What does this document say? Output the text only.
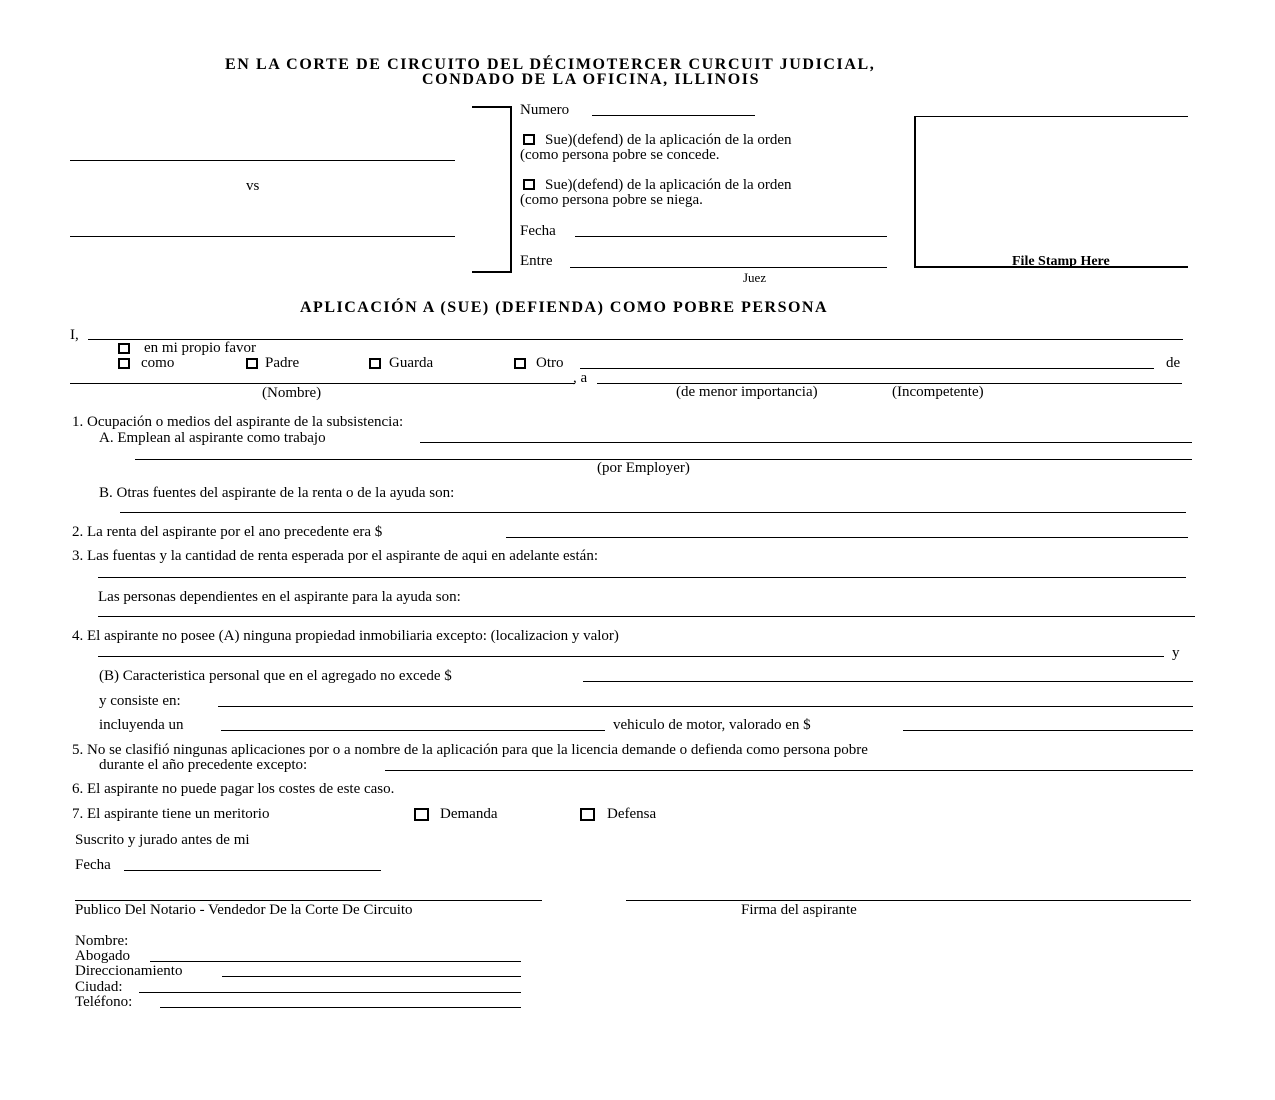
EN LA CORTE DE CIRCUITO DEL DÉCIMOTERCER CURCUIT JUDICIAL,
CONDADO DE LA OFICINA, ILLINOIS
vs
Numero
Sue)(defend) de la aplicación de la orden
(como persona pobre se concede.
Sue)(defend) de la aplicación de la orden
(como persona pobre se niega.
Fecha
Entre
Juez
File Stamp Here
APLICACIÓN A (SUE) (DEFIENDA) COMO POBRE PERSONA
I,
en mi propio favor
como	Padre	Guarda	Otro	de
, a
(Nombre)	(de menor importancia)	(Incompetente)
1. Ocupación o medios del aspirante de la subsistencia:
A. Emplean al aspirante como trabajo
(por Employer)
B. Otras fuentes del aspirante de la renta o de la ayuda son:
2. La renta del aspirante por el ano precedente era $
3. Las fuentas y la cantidad de renta esperada por el aspirante de aqui en adelante están:
Las personas dependientes en el aspirante para la ayuda son:
4. El aspirante no posee (A) ninguna propiedad inmobiliaria excepto: (localizacion y valor)
y
(B) Caracteristica personal que en el agregado no excede $
y consiste en:
incluyenda un	vehiculo de motor, valorado en $
5. No se clasifió ningunas aplicaciones por o a nombre de la aplicación para que la licencia demande o defienda como persona pobre
durante el año precedente excepto:
6. El aspirante no puede pagar los costes de este caso.
7. El aspirante tiene un meritorio	Demanda	Defensa
Suscrito y jurado antes de mi
Fecha
Publico Del Notario - Vendedor De la Corte De Circuito	Firma del aspirante
Nombre:
Abogado
Direccionamiento
Ciudad:
Teléfono:
